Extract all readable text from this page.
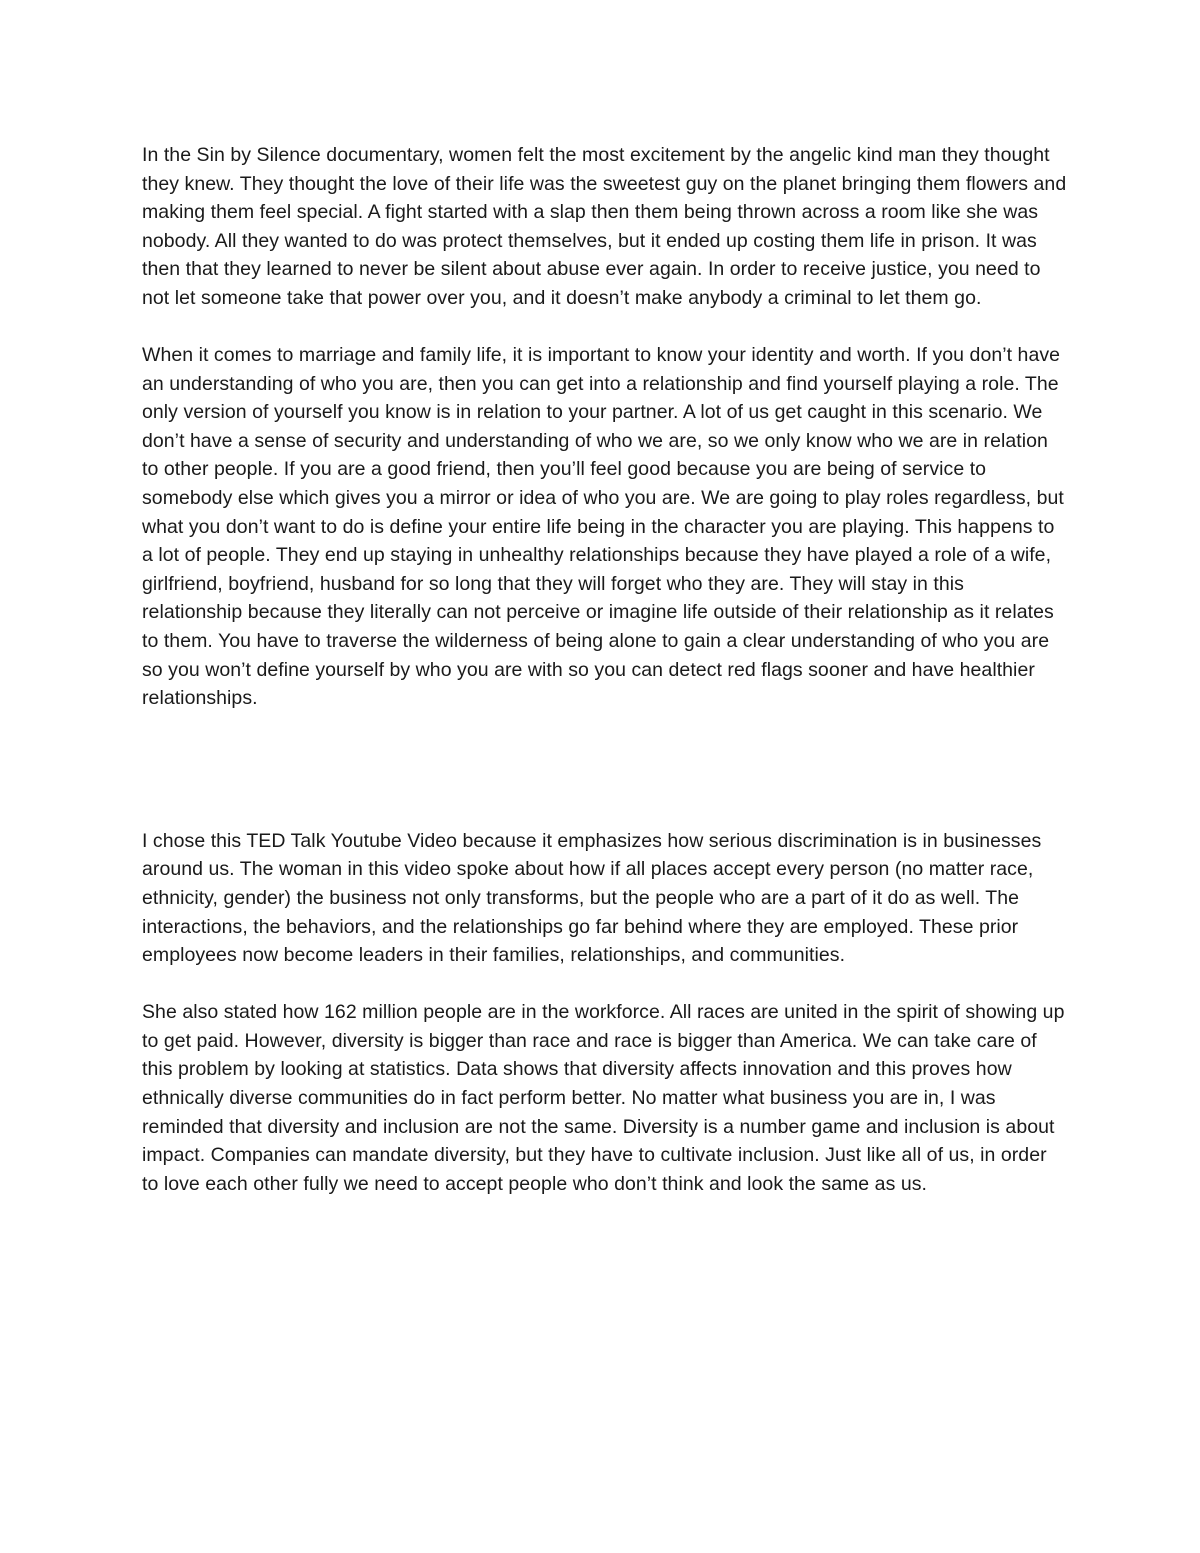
In the Sin by Silence documentary, women felt the most excitement by the angelic kind man they thought they knew. They thought the love of their life was the sweetest guy on the planet bringing them flowers and making them feel special. A fight started with a slap then them being thrown across a room like she was nobody. All they wanted to do was protect themselves, but it ended up costing them life in prison. It was then that they learned to never be silent about abuse ever again. In order to receive justice, you need to not let someone take that power over you, and it doesn’t make anybody a criminal to let them go.

When it comes to marriage and family life, it is important to know your identity and worth. If you don’t have an understanding of who you are, then you can get into a relationship and find yourself playing a role. The only version of yourself you know is in relation to your partner. A lot of us get caught in this scenario. We don’t have a sense of security and understanding of who we are, so we only know who we are in relation to other people. If you are a good friend, then you’ll feel good because you are being of service to somebody else which gives you a mirror or idea of who you are. We are going to play roles regardless, but what you don’t want to do is define your entire life being in the character you are playing. This happens to a lot of people. They end up staying in unhealthy relationships because they have played a role of a wife, girlfriend, boyfriend, husband for so long that they will forget who they are. They will stay in this relationship because they literally can not perceive or imagine life outside of their relationship as it relates to them. You have to traverse the wilderness of being alone to gain a clear understanding of who you are so you won’t define yourself by who you are with so you can detect red flags sooner and have healthier relationships.

I chose this TED Talk Youtube Video because it emphasizes how serious discrimination is in businesses around us. The woman in this video spoke about how if all places accept every person (no matter race, ethnicity, gender) the business not only transforms, but the people who are a part of it do as well. The interactions, the behaviors, and the relationships go far behind where they are employed. These prior employees now become leaders in their families, relationships, and communities.

She also stated how 162 million people are in the workforce. All races are united in the spirit of showing up to get paid. However, diversity is bigger than race and race is bigger than America. We can take care of this problem by looking at statistics. Data shows that diversity affects innovation and this proves how ethnically diverse communities do in fact perform better. No matter what business you are in, I was reminded that diversity and inclusion are not the same. Diversity is a number game and inclusion is about impact. Companies can mandate diversity, but they have to cultivate inclusion. Just like all of us, in order to love each other fully we need to accept people who don’t think and look the same as us.
